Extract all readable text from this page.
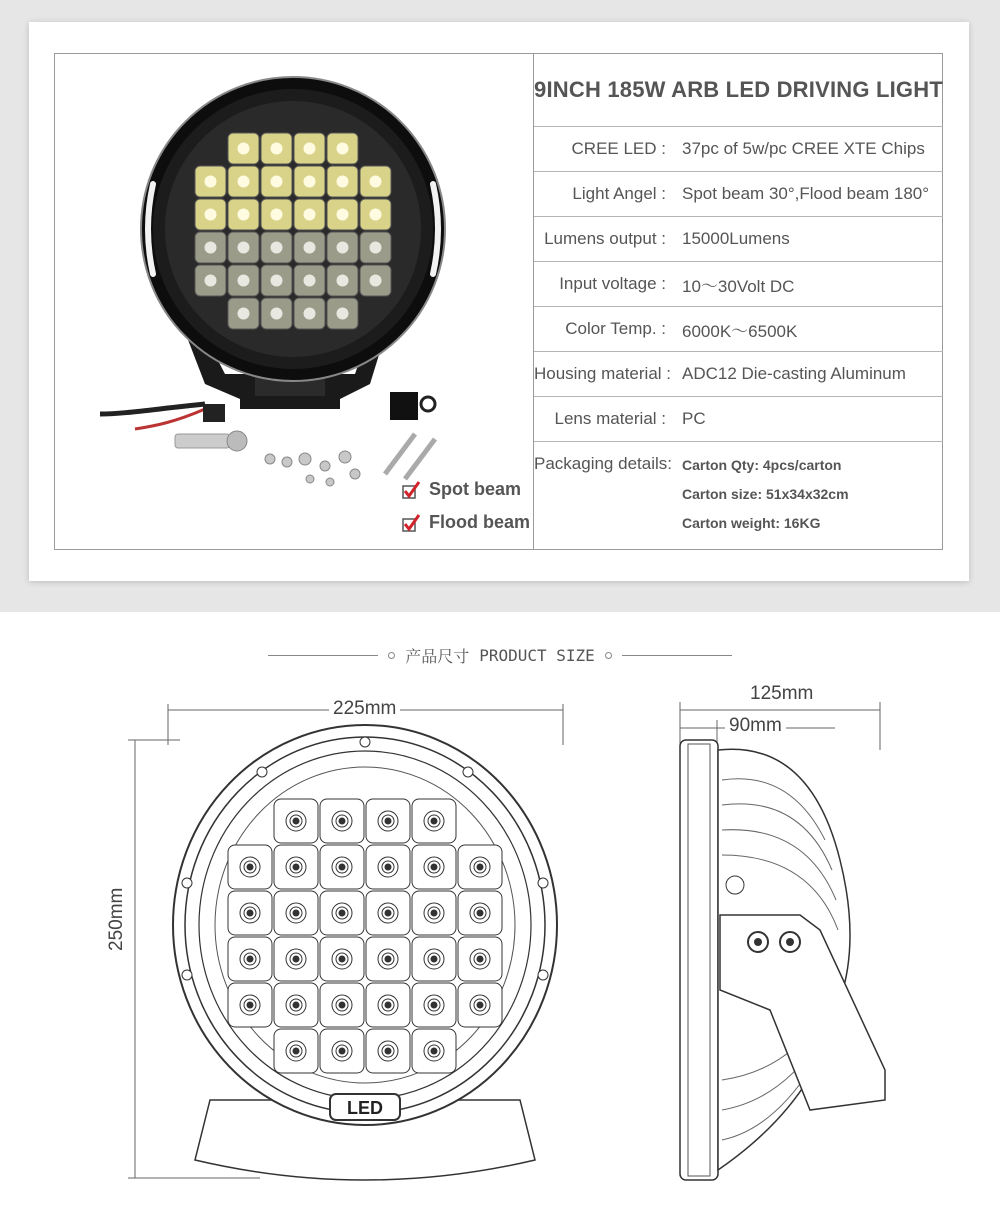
Spot beam
Flood beam
9INCH 185W ARB LED DRIVING LIGHT
CREE LED : 37pc of 5w/pc CREE XTE Chips
Light Angel : Spot beam 30°,Flood beam 180°
Lumens output : 15000Lumens
Input voltage : 10～30Volt DC
Color Temp. : 6000K～6500K
Housing material : ADC12 Die-casting Aluminum
Lens material : PC
Packaging details: Carton Qty: 4pcs/carton
Carton size: 51x34x32cm
Carton weight: 16KG
产品尺寸 PRODUCT SIZE
LED
225mm
250mm
125mm
90mm
